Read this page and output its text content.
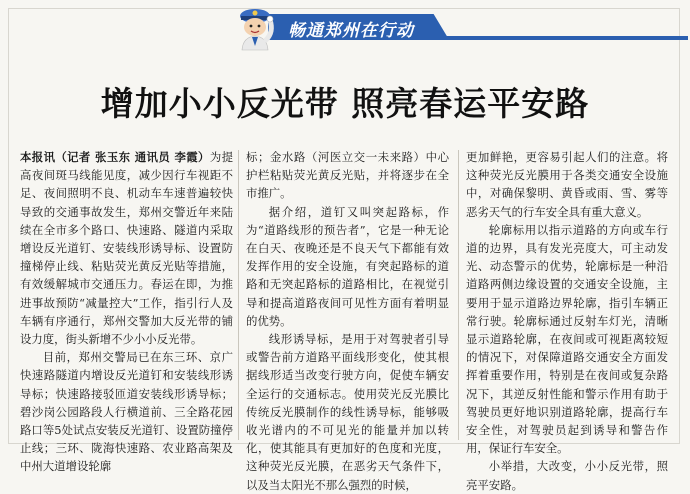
畅通郑州在行动
增加小小反光带 照亮春运平安路

本报讯（记者 张玉东 通讯员 李霞）为提高夜间斑马线能见度，减少因行车视距不足、夜间照明不良、机动车车速普遍较快导致的交通事故发生，郑州交警近年来陆续在全市多个路口、快速路、隧道内采取增设反光道钉、安装线形诱导标、设置防撞梯停止线、粘贴荧光黄反光贴等措施，有效缓解城市交通压力。春运在即，为推进事故预防“减量控大”工作，指引行人及车辆有序通行，郑州交警加大反光带的铺设力度，街头新增不少小小反光带。

目前，郑州交警局已在东三环、京广快速路隧道内增设反光道钉和安装线形诱导标；快速路接驳匝道安装线形诱导标；碧沙岗公园路段人行横道前、三全路花园路口等5处试点安装反光道钉、设置防撞停止线；三环、陇海快速路、农业路高架及中州大道增设轮廓

标；金水路（河医立交一未来路）中心护栏粘贴荧光黄反光贴，并将逐步在全市推广。

据介绍，道钉又叫突起路标，作为“道路线形的预告者”，它是一种无论在白天、夜晚还是不良天气下都能有效发挥作用的安全设施，有突起路标的道路和无突起路标的道路相比，在视觉引导和提高道路夜间可见性方面有着明显的优势。

线形诱导标，是用于对驾驶者引导或警告前方道路平面线形变化，使其根据线形适当改变行驶方向，促使车辆安全运行的交通标志。使用荧光反光膜比传统反光膜制作的线性诱导标，能够吸收光谱内的不可见光的能量并加以转化，使其能具有更加好的色度和光度，这种荧光反光膜，在恶劣天气条件下，以及当太阳光不那么强烈的时候，

更加鲜艳，更容易引起人们的注意。将这种荧光反光膜用于各类交通安全设施中，对确保黎明、黄昏或雨、雪、雾等恶劣天气的行车安全具有重大意义。

轮廓标用以指示道路的方向或车行道的边界，具有发光亮度大，可主动发光、动态警示的优势，轮廓标是一种沿道路两侧边缘设置的交通安全设施，主要用于显示道路边界轮廓，指引车辆正常行驶。轮廓标通过反射车灯光，清晰显示道路轮廓，在夜间或可视距离较短的情况下，对保障道路交通安全方面发挥着重要作用，特别是在夜间或复杂路况下，其逆反射性能和警示作用有助于驾驶员更好地识别道路轮廓，提高行车安全性，对驾驶员起到诱导和警告作用，保证行车安全。

小举措，大改变，小小反光带，照亮平安路。
